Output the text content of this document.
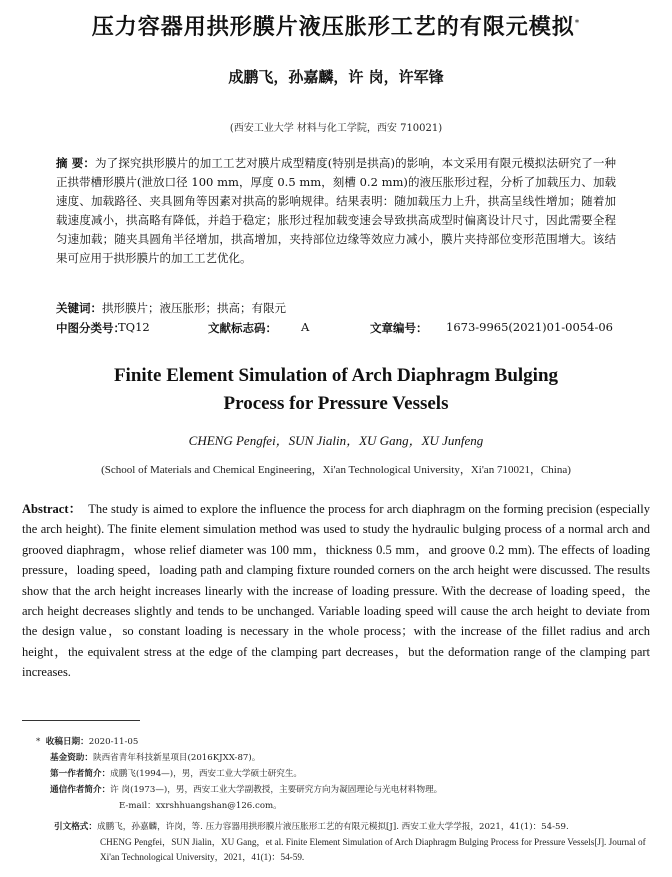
压力容器用拱形膜片液压胀形工艺的有限元模拟*
成鹏飞，孙嘉麟，许 岗，许军锋
(西安工业大学 材料与化工学院，西安 710021)
摘 要：为了探究拱形膜片的加工工艺对膜片成型精度(特别是拱高)的影响，本文采用有限元模拟法研究了一种正拱带槽形膜片(泄放口径 100 mm，厚度 0.5 mm，刻槽 0.2 mm)的液压胀形过程，分析了加载压力、加载速度、加载路径、夹具圆角等因素对拱高的影响规律。结果表明：随加载压力上升，拱高呈线性增加；随着加载速度减小，拱高略有降低，并趋于稳定；胀形过程加载变速会导致拱高成型时偏离设计尺寸，因此需要全程匀速加载；随夹具圆角半径增加，拱高增加，夹持部位边缘等效应力减小，膜片夹持部位变形范围增大。该结果可应用于拱形膜片的加工工艺优化。
关键词：拱形膜片；液压胀形；拱高；有限元
中图分类号：
TQ12	文献标志码： A	文章编号： 1673-9965(2021)01-0054-06
Finite Element Simulation of Arch Diaphragm Bulging
Process for Pressure Vessels
CHENG Pengfei，SUN Jialin，XU Gang，XU Junfeng
(School of Materials and Chemical Engineering，Xi'an Technological University，Xi'an 710021，China)
Abstract： The study is aimed to explore the influence the process for arch diaphragm on the forming precision (especially the arch height). The finite element simulation method was used to study the hydraulic bulging process of a normal arch and grooved diaphragm，whose relief diameter was 100 mm，thickness 0.5 mm，and groove 0.2 mm). The effects of loading pressure，loading speed，loading path and clamping fixture rounded corners on the arch height were discussed. The results show that the arch height increases linearly with the increase of loading pressure. With the decrease of loading speed，the arch height decreases slightly and tends to be unchanged. Variable loading speed will cause the arch height to deviate from the design value，so constant loading is necessary in the whole process；with the increase of the fillet radius and arch height，the equivalent stress at the edge of the clamping part decreases，but the deformation range of the clamping part increases.
* 收稿日期：2020-11-05
基金资助：陕西省青年科技新星项目(2016KJXX-87)。
第一作者简介：成鹏飞(1994—)，男，西安工业大学硕士研究生。
通信作者简介：许 岗(1973—)，男，西安工业大学副教授，主要研究方向为凝固理论与光电材料物理。
E-mail：xxrshhuangshan@126.com。
引文格式：成鹏飞，孙嘉麟，许岗，等. 压力容器用拱形膜片液压胀形工艺的有限元模拟[J]. 西安工业大学学报，2021，41(1)：54-59.
CHENG Pengfei，SUN Jialin，XU Gang，et al. Finite Element Simulation of Arch Diaphragm Bulging Process for Pressure Vessels[J]. Journal of Xi'an Technological University，2021，41(1)：54-59.
